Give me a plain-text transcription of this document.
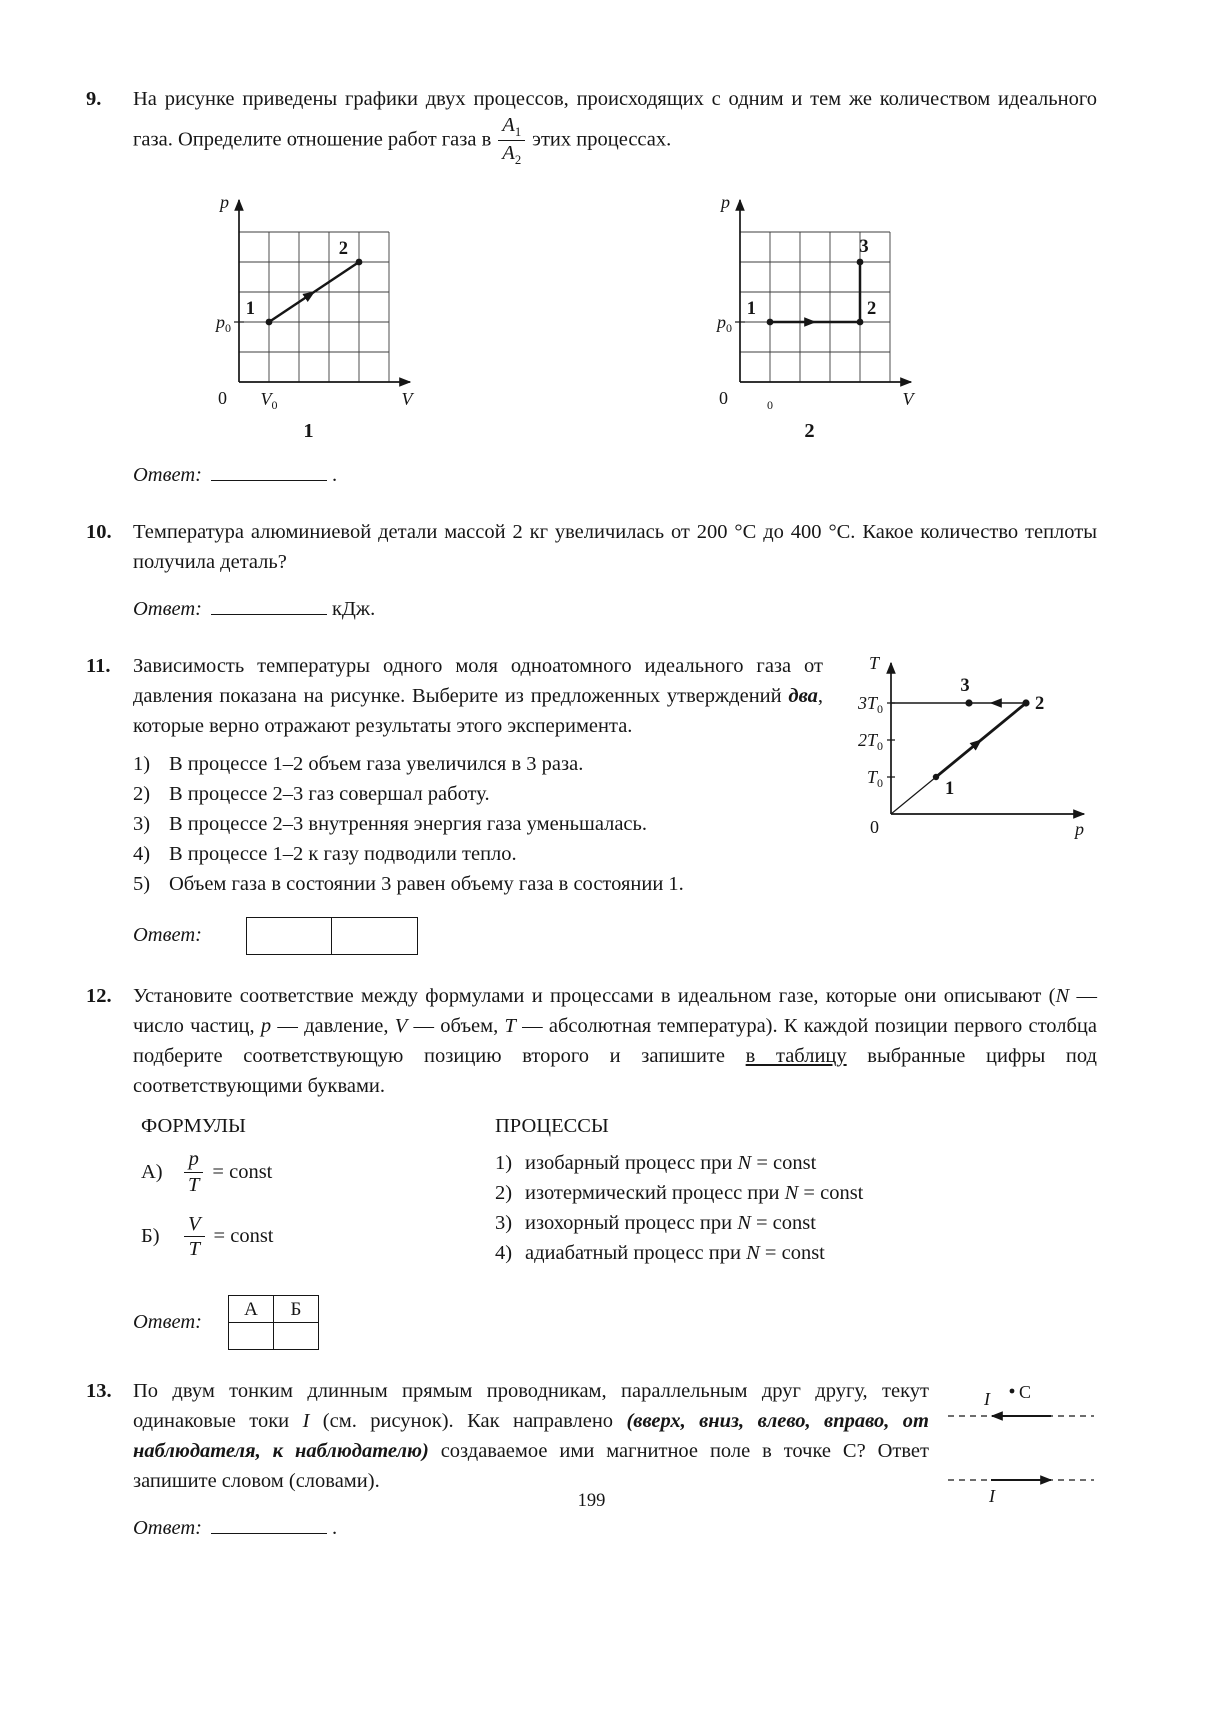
9.	На рисунке приведены графики двух процессов, происходящих с одним и тем же количеством идеального газа. Определите отношение работ газа в $\frac{A_1}{A_2}$ этих процессах.

p
0
$p_0$
$V_0$	V
1
2
1
p
0
$p_0$
$_0$	V
1	2
3
2

Ответ:	.

10.	Температура алюминиевой детали массой 2 кг увеличилась от 200 °C до 400 °C. Какое количество теплоты получила деталь?

Ответ:	кДж.

11.	T
p
0
$3T_0$
$2T_0$
$T_0$	1
2
3

Зависимость температуры одного моля одноатомного идеального газа от давления показана на рисунке. Выберите из предложенных утверждений два, которые верно отражают результаты этого эксперимента.

1) В процессе 1–2 объем газа увеличился в 3 раза.
2) В процессе 2–3 газ совершал работу.
3) В процессе 2–3 внутренняя энергия газа уменьшалась.
4) В процессе 1–2 к газу подводили тепло.
5) Объем газа в состоянии 3 равен объему газа в состоянии 1.
Ответ:
12.	Установите соответствие между формулами и процессами в идеальном газе, которые они описывают (N — число частиц, p — давление, V — объем, T — абсолютная температура). К каждой позиции первого столбца подберите соответствующую позицию второго и запишите в таблицу выбранные цифры под соответствующими буквами.

ФОРМУЛЫ
А)	$\frac{p}{T}$ = const
Б)	$\frac{V}{T}$ = const
ПРОЦЕССЫ
1) изобарный процесс при N = const
2) изотермический процесс при N = const
3) изохорный процесс при N = const
4) адиабатный процесс при N = const
Ответ:
А	Б

13.	C
I
I

По двум тонким длинным прямым проводникам, параллельным друг другу, текут одинаковые токи I (см. рисунок). Как направлено (вверх, вниз, влево, вправо, от наблюдателя, к наблюдателю) создаваемое ими магнитное поле в точке C? Ответ запишите словом (словами).

Ответ:	.

199
